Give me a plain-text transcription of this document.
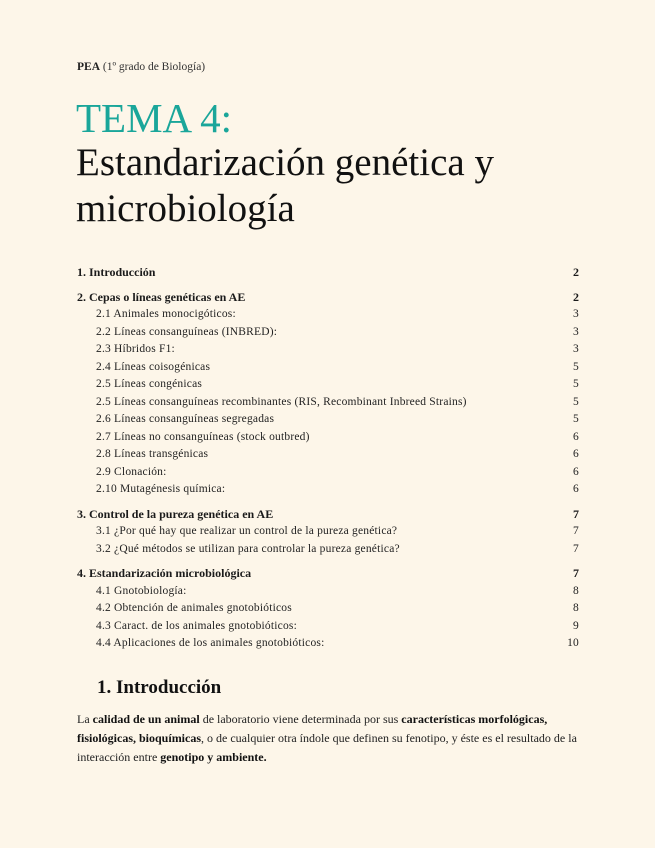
PEA (1º grado de Biología)
TEMA 4:
Estandarización genética y microbiología
1. Introducción	2
2. Cepas o líneas genéticas en AE	2
2.1 Animales monocigóticos:	3
2.2 Líneas consanguíneas (INBRED):	3
2.3 Híbridos F1:	3
2.4 Líneas coisogénicas	5
2.5 Líneas congénicas	5
2.5 Líneas consanguíneas recombinantes (RIS, Recombinant Inbreed Strains)	5
2.6 Líneas consanguíneas segregadas	5
2.7 Líneas no consanguíneas (stock outbred)	6
2.8 Líneas transgénicas	6
2.9 Clonación:	6
2.10 Mutagénesis química:	6
3. Control de la pureza genética en AE	7
3.1 ¿Por qué hay que realizar un control de la pureza genética?	7
3.2 ¿Qué métodos se utilizan para controlar la pureza genética?	7
4. Estandarización microbiológica	7
4.1 Gnotobiología:	8
4.2 Obtención de animales gnotobióticos	8
4.3 Caract. de los animales gnotobióticos:	9
4.4 Aplicaciones de los animales gnotobióticos:	10
1. Introducción
La calidad de un animal de laboratorio viene determinada por sus características morfológicas, fisiológicas, bioquímicas, o de cualquier otra índole que definen su fenotipo, y éste es el resultado de la interacción entre genotipo y ambiente.
